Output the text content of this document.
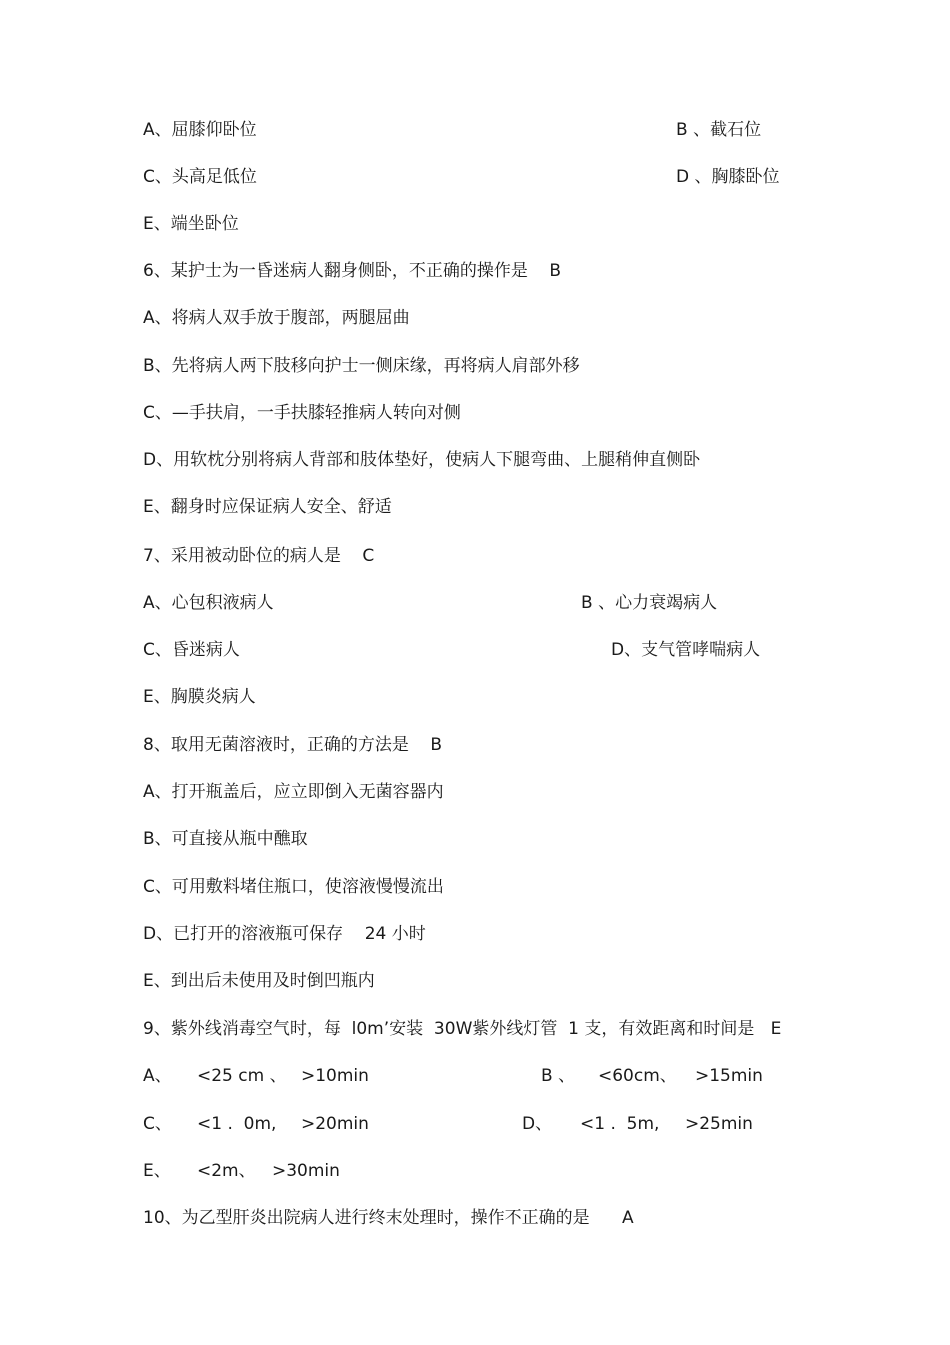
A、屈膝仰卧位	B 、截石位
C、头高足低位	D 、胸膝卧位
E、端坐卧位
6、某护士为一昏迷病人翻身侧卧，不正确的操作是    B
A、将病人双手放于腹部，两腿屈曲
B、先将病人两下肢移向护士一侧床缘，再将病人肩部外移
C、—手扶肩，一手扶膝轻推病人转向对侧
D、用软枕分别将病人背部和肢体垫好，使病人下腿弯曲、上腿稍伸直侧卧
E、翻身时应保证病人安全、舒适
7、采用被动卧位的病人是    C
A、心包积液病人	B 、心力衰竭病人
C、昏迷病人	D、支气管哮喘病人
E、胸膜炎病人
8、取用无菌溶液时，正确的方法是    B
A、打开瓶盖后，应立即倒入无菌容器内
B、可直接从瓶中醮取
C、可用敷料堵住瓶口，使溶液慢慢流出
D、已打开的溶液瓶可保存    24 小时
E、到出后未使用及时倒凹瓶内
9、紫外线消毒空气时，每  l0m’安装  30W紫外线灯管  1 支，有效距离和时间是   E
A、 <25 cm 、 >10min	B 、 <60cm、 >15min
C、 <1 .  0m, >20min	D、 <1 .  5m, >25min
E、 <2m、 >30min
10、为乙型肝炎出院病人进行终末处理时，操作不正确的是      A
